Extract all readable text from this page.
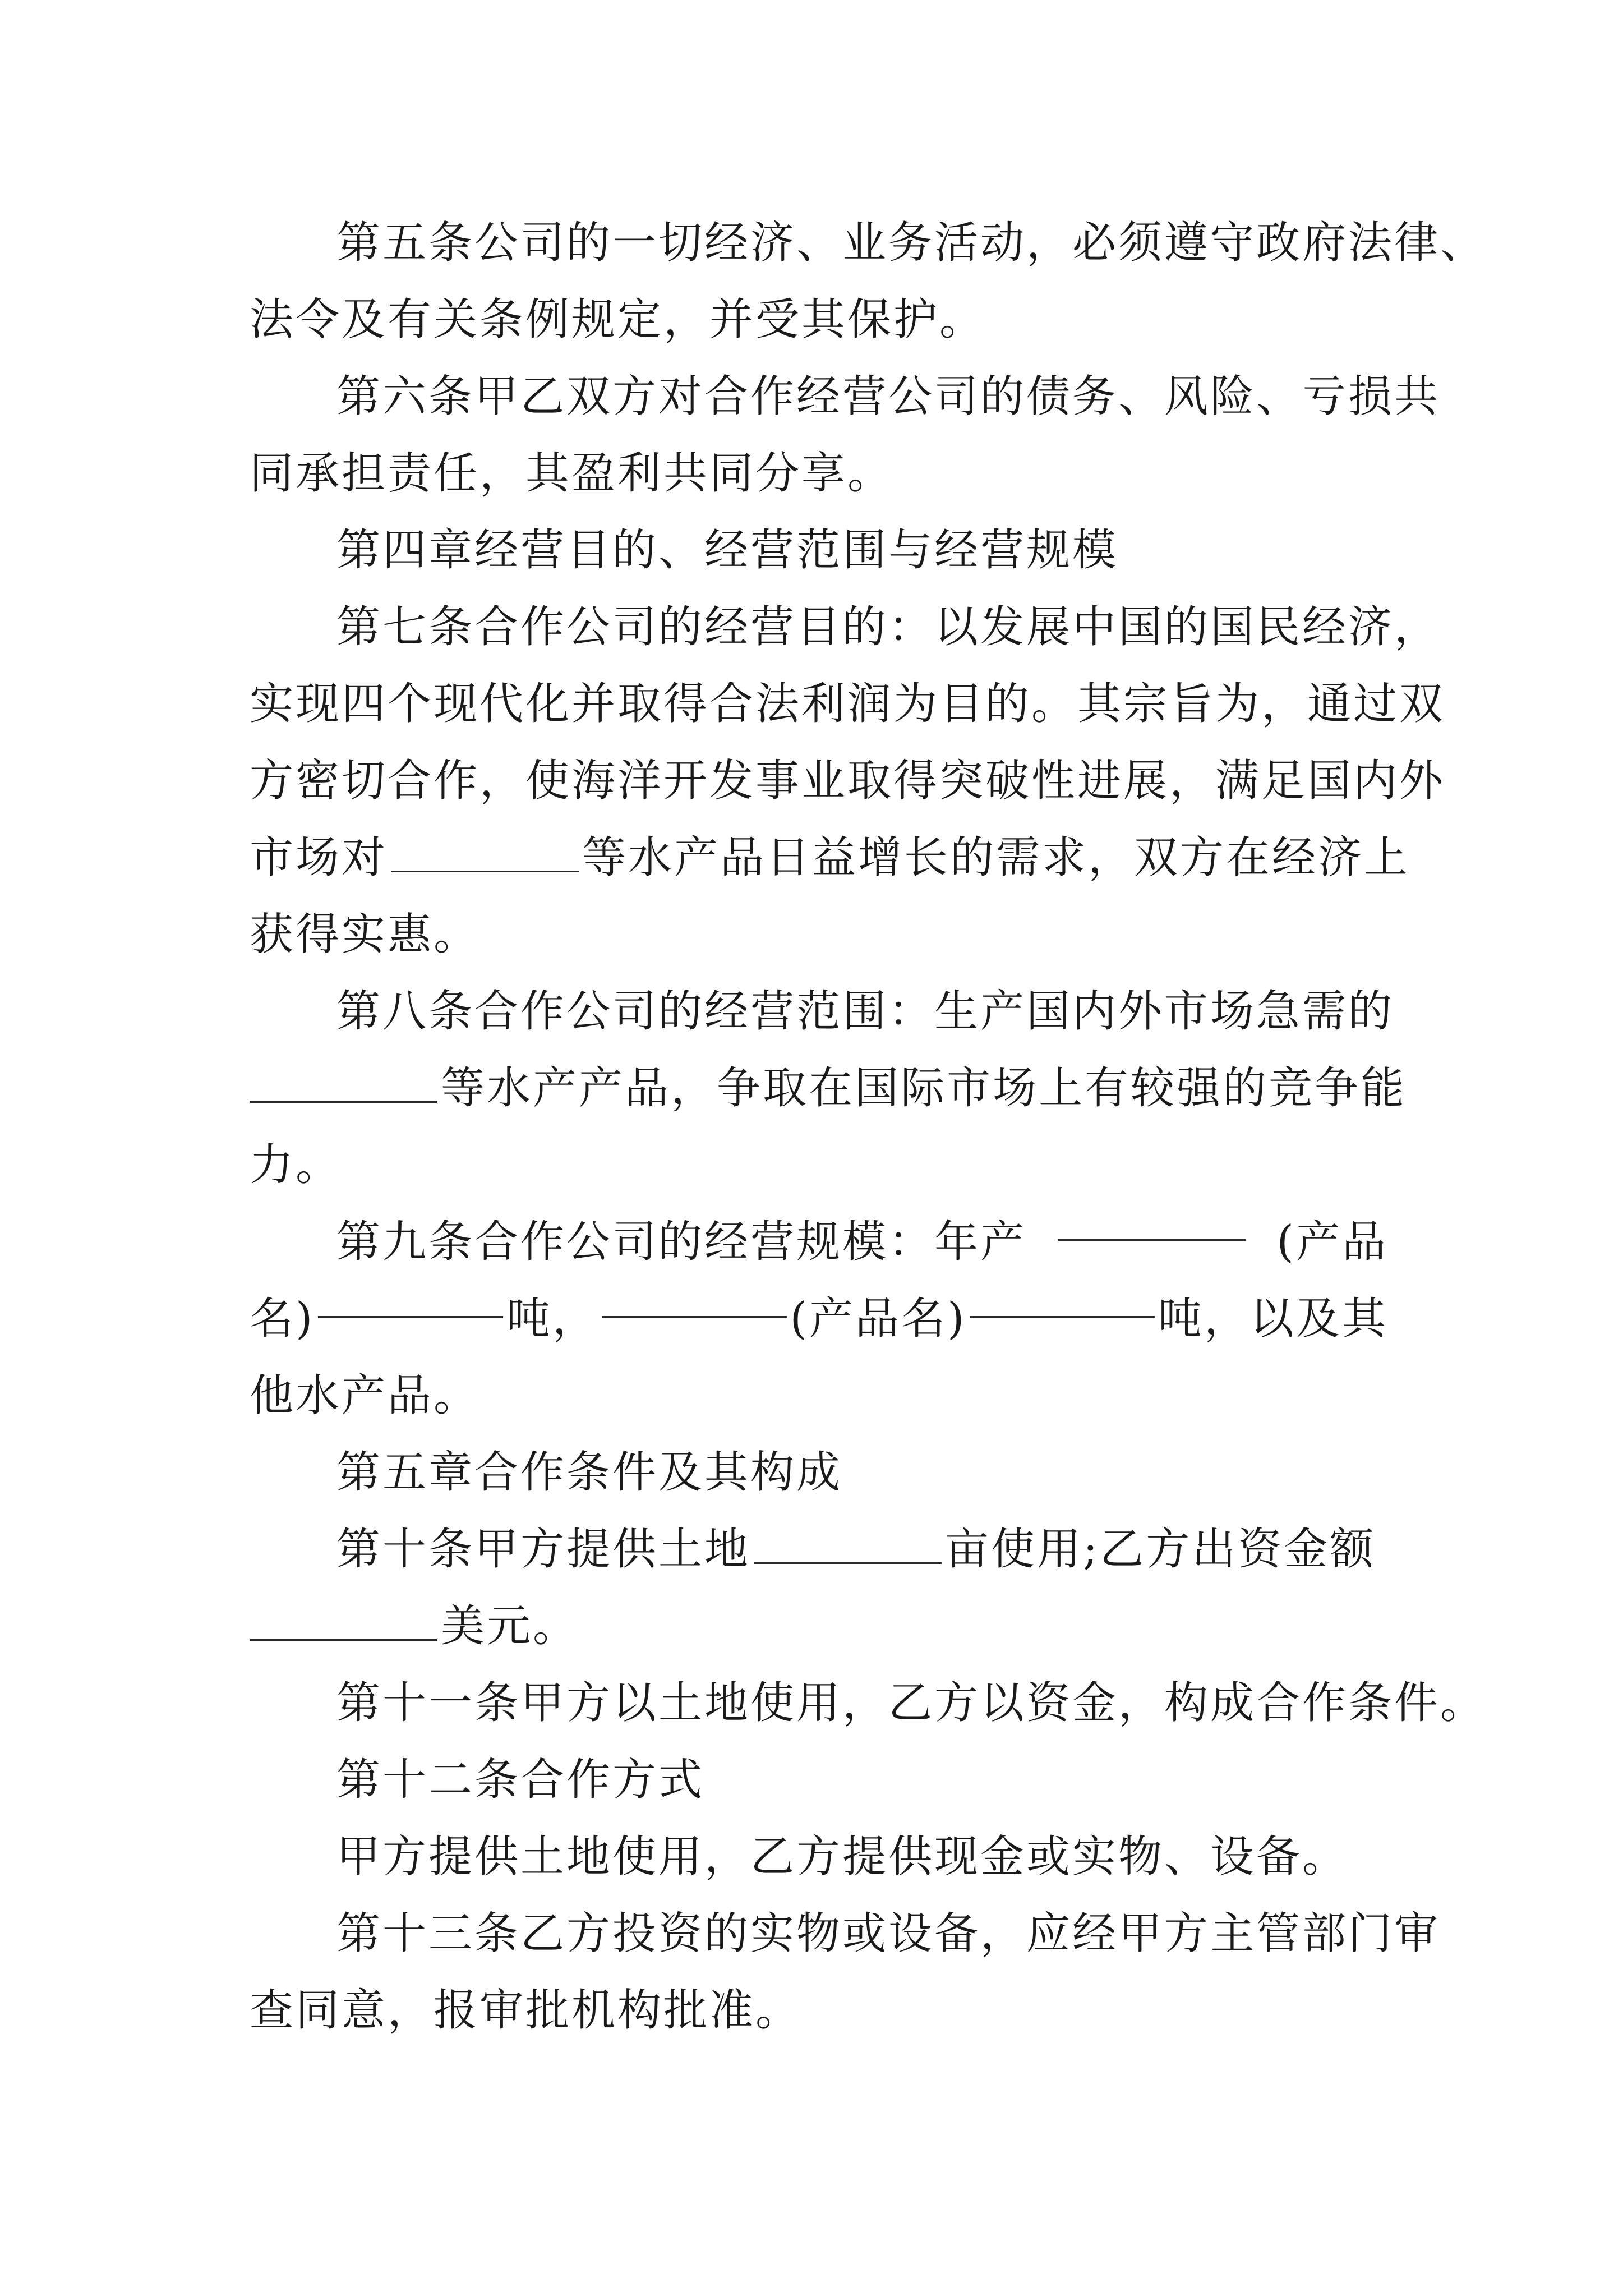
第五条公司的一切经济、业务活动，必须遵守政府法律、
法令及有关条例规定，并受其保护。
第六条甲乙双方对合作经营公司的债务、风险、亏损共
同承担责任，其盈利共同分享。
第四章经营目的、经营范围与经营规模
第七条合作公司的经营目的：以发展中国的国民经济，
实现四个现代化并取得合法利润为目的。其宗旨为，通过双
方密切合作，使海洋开发事业取得突破性进展，满足国内外
市场对	等水产品日益增长的需求，双方在经济上
获得实惠。
第八条合作公司的经营范围：生产国内外市场急需的
等水产产品，争取在国际市场上有较强的竞争能
力。
第九条合作公司的经营规模：年产	(产品
名)	吨，	(产品名)	吨，以及其
他水产品。
第五章合作条件及其构成
第十条甲方提供土地	亩使用;乙方出资金额
美元。
第十一条甲方以土地使用，乙方以资金，构成合作条件。
第十二条合作方式
甲方提供土地使用，乙方提供现金或实物、设备。
第十三条乙方投资的实物或设备，应经甲方主管部门审
查同意，报审批机构批准。
